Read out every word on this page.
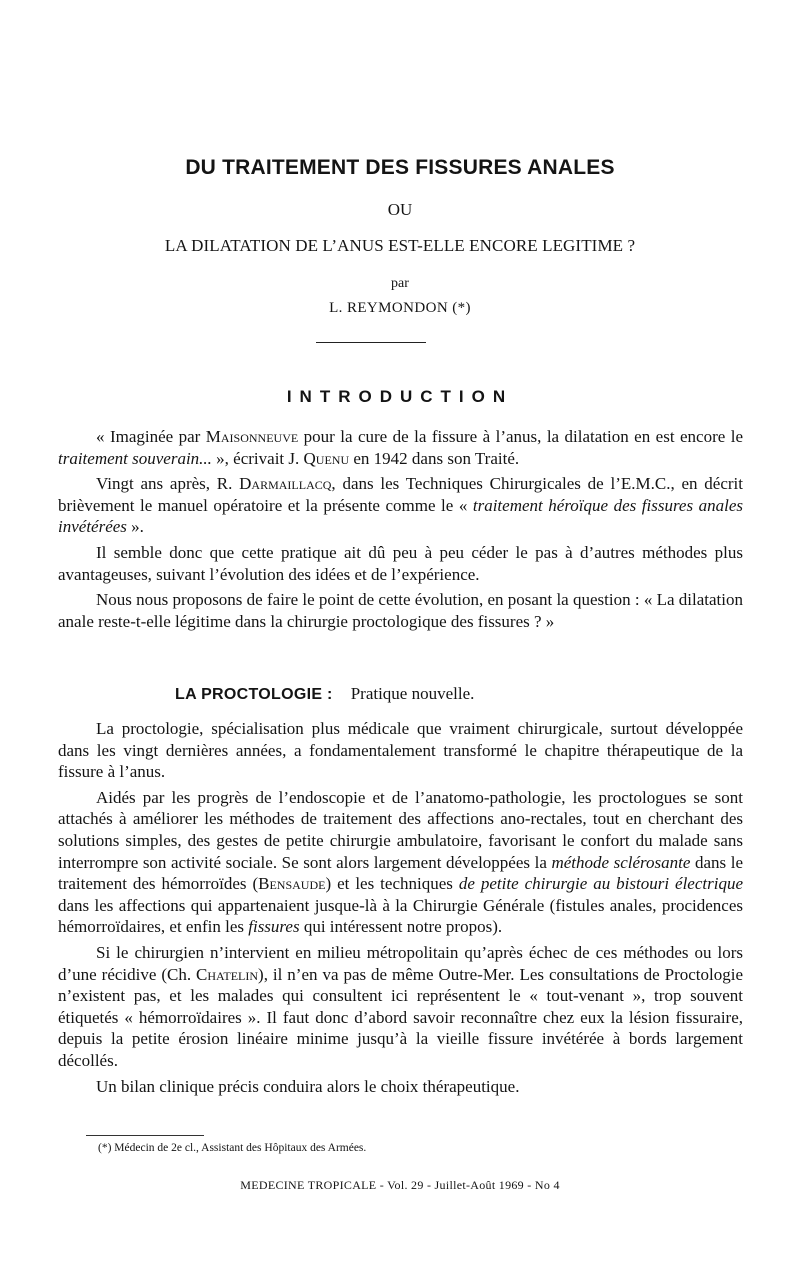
DU TRAITEMENT DES FISSURES ANALES
OU
LA DILATATION DE L’ANUS EST-ELLE ENCORE LEGITIME ?
par
L. REYMONDON (*)
INTRODUCTION

« Imaginée par Maisonneuve pour la cure de la fissure à l’anus, la dilatation en est encore le traitement souverain... », écrivait J. Quenu en 1942 dans son Traité.

Vingt ans après, R. Darmaillacq, dans les Techniques Chirurgicales de l’E.M.C., en décrit brièvement le manuel opératoire et la présente comme le « traitement héroïque des fissures anales invétérées ».

Il semble donc que cette pratique ait dû peu à peu céder le pas à d’autres méthodes plus avantageuses, suivant l’évolution des idées et de l’expérience.

Nous nous proposons de faire le point de cette évolution, en posant la question : « La dilatation anale reste-t-elle légitime dans la chirurgie proctologique des fissures ? »

LA PROCTOLOGIE : Pratique nouvelle.

La proctologie, spécialisation plus médicale que vraiment chirurgicale, surtout développée dans les vingt dernières années, a fondamentalement transformé le chapitre thérapeutique de la fissure à l’anus.

Aidés par les progrès de l’endoscopie et de l’anatomo-pathologie, les proctologues se sont attachés à améliorer les méthodes de traitement des affections ano-rectales, tout en cherchant des solutions simples, des gestes de petite chirurgie ambulatoire, favorisant le confort du malade sans interrompre son activité sociale. Se sont alors largement développées la méthode sclérosante dans le traitement des hémorroïdes (Bensaude) et les techniques de petite chirurgie au bistouri électrique dans les affections qui appartenaient jusque-là à la Chirurgie Générale (fistules anales, procidences hémorroïdaires, et enfin les fissures qui intéressent notre propos).

Si le chirurgien n’intervient en milieu métropolitain qu’après échec de ces méthodes ou lors d’une récidive (Ch. Chatelin), il n’en va pas de même Outre-Mer. Les consultations de Proctologie n’existent pas, et les malades qui consultent ici représentent le « tout-venant », trop souvent étiquetés « hémorroïdaires ». Il faut donc d’abord savoir reconnaître chez eux la lésion fissuraire, depuis la petite érosion linéaire minime jusqu’à la vieille fissure invétérée à bords largement décollés.

Un bilan clinique précis conduira alors le choix thérapeutique.

(*) Médecin de 2e cl., Assistant des Hôpitaux des Armées.
MEDECINE TROPICALE - Vol. 29 - Juillet-Août 1969 - No 4
